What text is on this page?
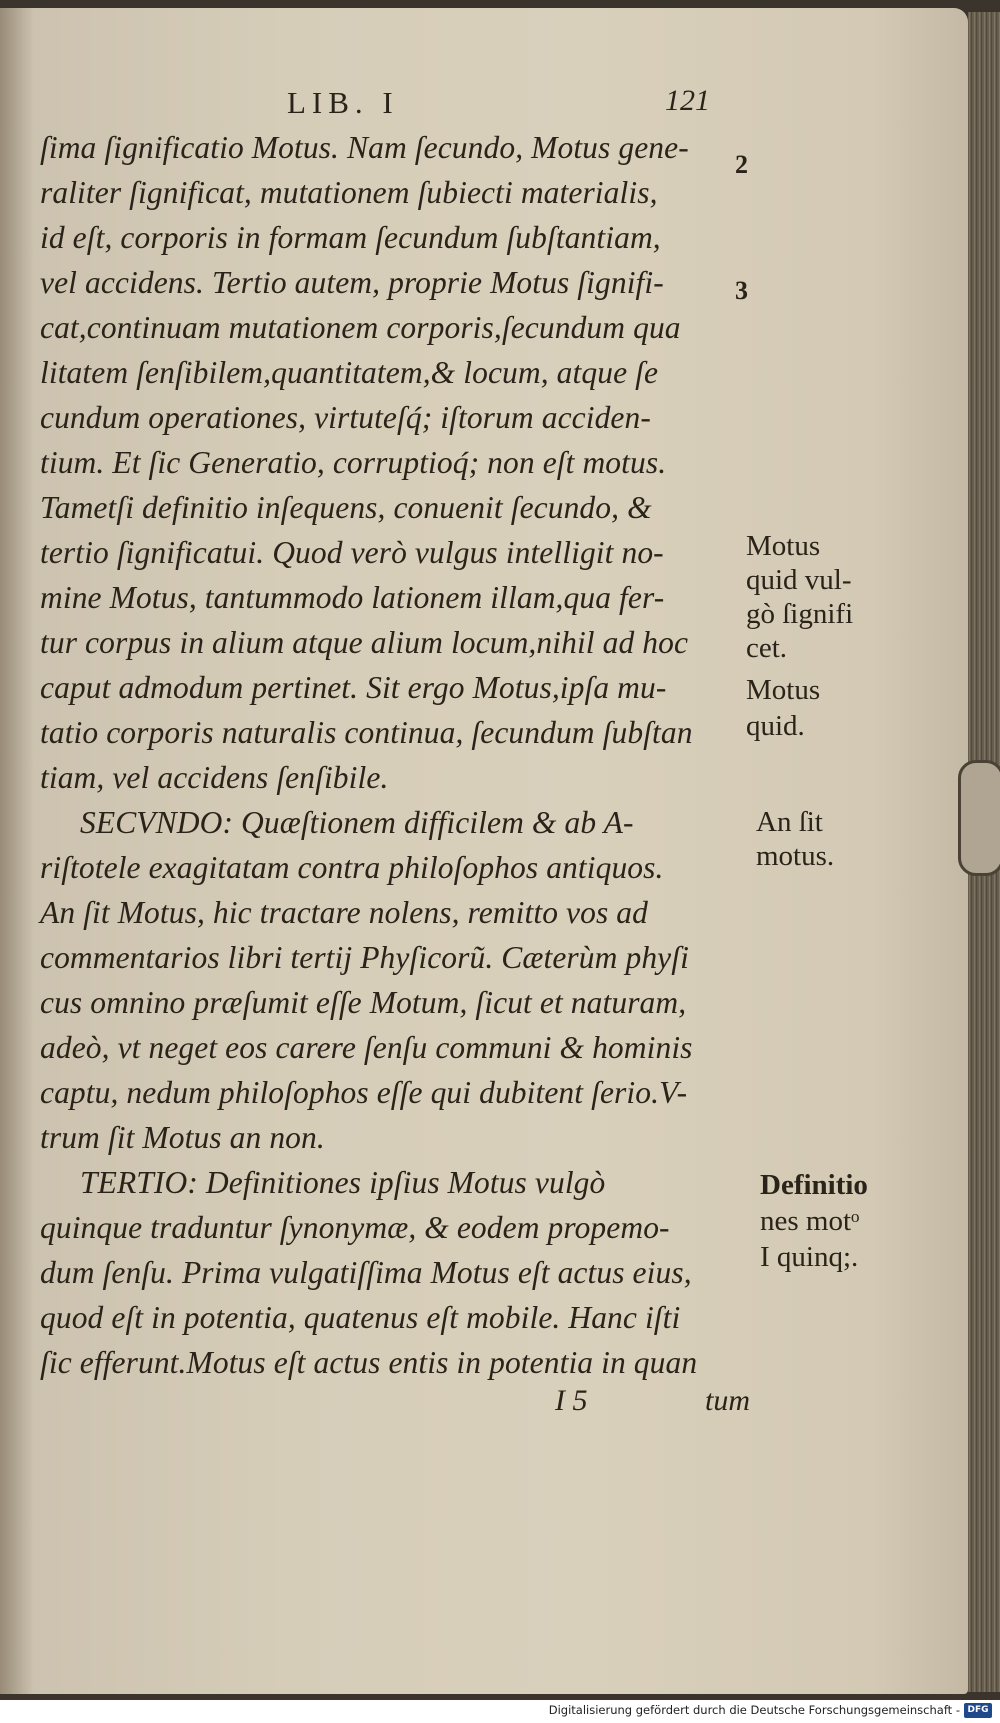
LIB. I	121
ſima ſignificatio Motus. Nam ſecundo, Motus gene-
raliter ſignificat, mutationem ſubiecti materialis,
id eſt, corporis in formam ſecundum ſubſtantiam,
vel accidens. Tertio autem, proprie Motus ſignifi-
cat,continuam mutationem corporis,ſecundum qua
litatem ſenſibilem,quantitatem,& locum, atque ſe
cundum operationes, virtuteſq́; iſtorum acciden-
tium. Et ſic Generatio, corruptioq́; non eſt motus.
Tametſi definitio inſequens, conuenit ſecundo, &
tertio ſignificatui. Quod verò vulgus intelligit no-
mine Motus, tantummodo lationem illam,qua fer-
tur corpus in alium atque alium locum,nihil ad hoc
caput admodum pertinet. Sit ergo Motus,ipſa mu-
tatio corporis naturalis continua, ſecundum ſubſtan
tiam, vel accidens ſenſibile.
SECVNDO: Quæſtionem difficilem & ab A-
riſtotele exagitatam contra philoſophos antiquos.
An ſit Motus, hic tractare nolens, remitto vos ad
commentarios libri tertij Phyſicorũ. Cæterùm phyſi
cus omnino præſumit eſſe Motum, ſicut et naturam,
adeò, vt neget eos carere ſenſu communi & hominis
captu, nedum philoſophos eſſe qui dubitent ſerio.V-
trum ſit Motus an non.
TERTIO: Definitiones ipſius Motus vulgò
quinque traduntur ſynonymæ, & eodem propemo-
dum ſenſu. Prima vulgatiſſima Motus eſt actus eius,
quod eſt in potentia, quatenus eſt mobile. Hanc iſti
ſic efferunt.Motus eſt actus entis in potentia in quan
2
3
Motus
quid vul-
gò ſignifi
cet.
Motus
quid.
An ſit
motus.
Definitio
nes motᵒ
I quinq;.
I 5	tum
Digitalisierung gefördert durch die Deutsche Forschungsgemeinschaft - DFG
